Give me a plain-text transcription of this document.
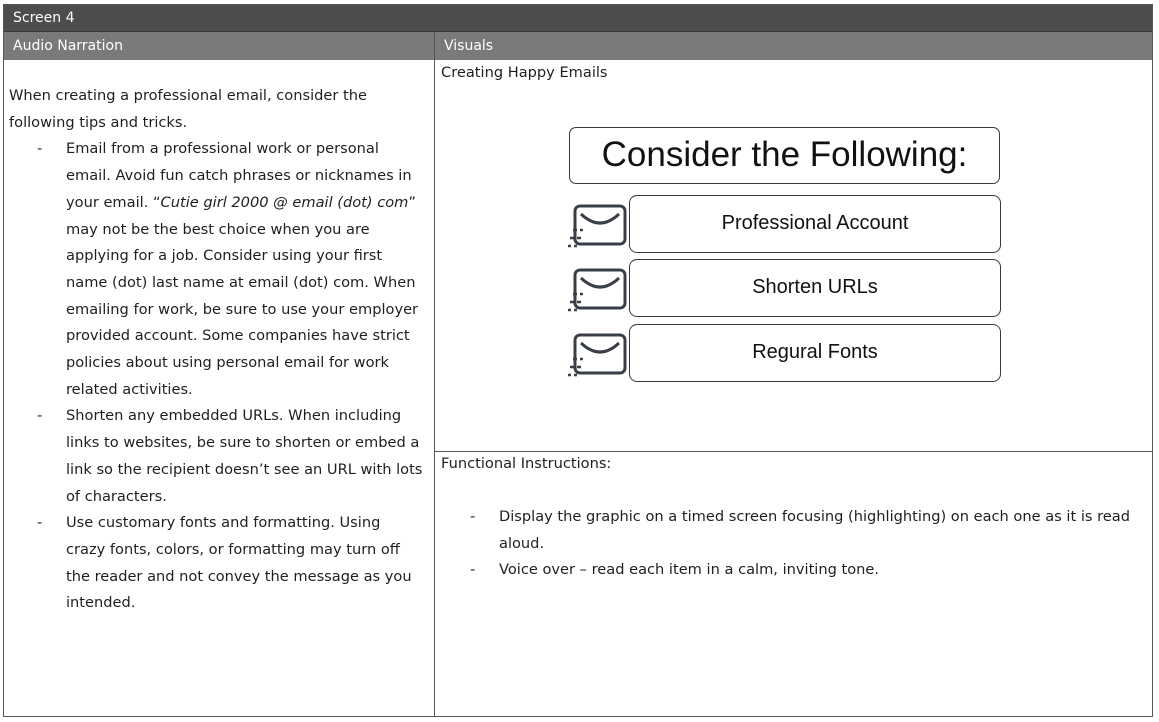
Screen 4
Audio Narration	Visuals

When creating a professional email, consider the following tips and tricks.

- Email from a professional work or personal email. Avoid fun catch phrases or nicknames in your email. “Cutie girl 2000 @ email (dot) com” may not be the best choice when you are applying for a job. Consider using your first name (dot) last name at email (dot) com. When emailing for work, be sure to use your employer provided account. Some companies have strict policies about using personal email for work related activities.
- Shorten any embedded URLs. When including links to websites, be sure to shorten or embed a link so the recipient doesn’t see an URL with lots of characters.
- Use customary fonts and formatting. Using crazy fonts, colors, or formatting may turn off the reader and not convey the message as you intended.
Creating Happy Emails
Consider the Following:
Professional Account
Shorten URLs
Regural Fonts
Functional Instructions:
- Display the graphic on a timed screen focusing (highlighting) on each one as it is read aloud.
- Voice over – read each item in a calm, inviting tone.
